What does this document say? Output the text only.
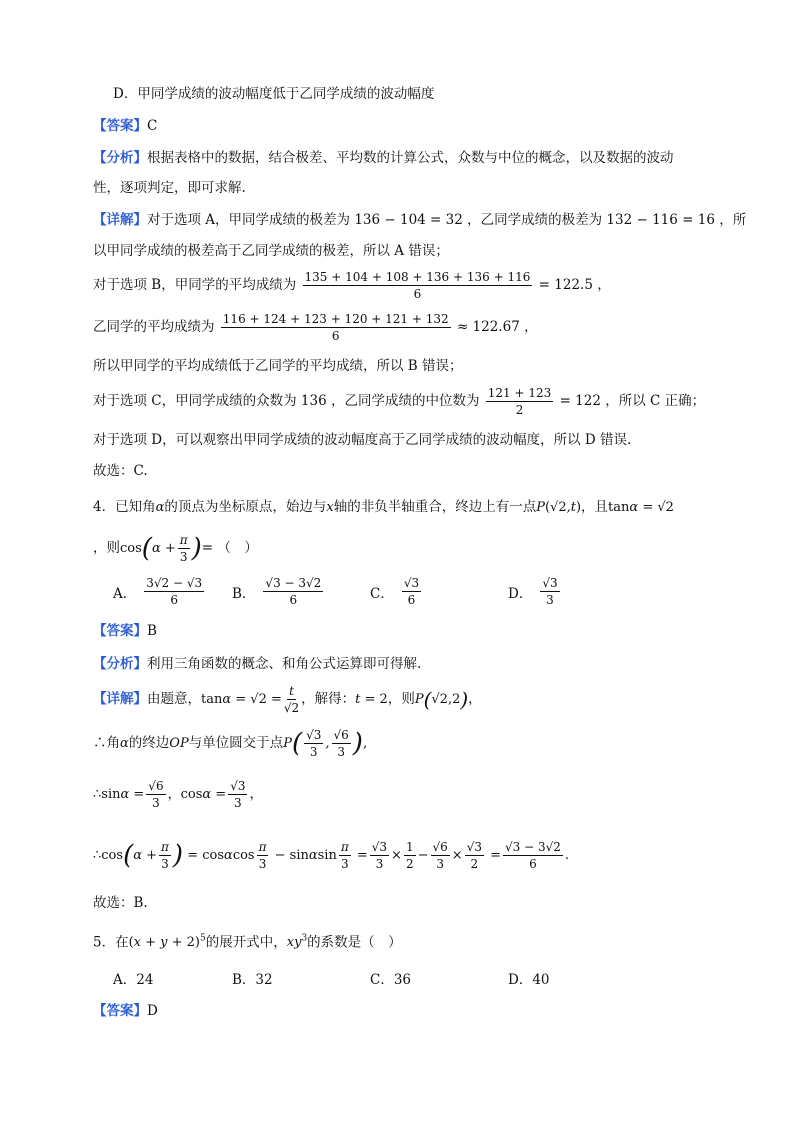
D．甲同学成绩的波动幅度低于乙同学成绩的波动幅度
【 答案 】 C
【 分析 】 根据表格中的数据，结合极差、平均数的计算公式，众数与中位的概念，以及数据的波动
性，逐项判定，即可求解.
【 详解 】 对于选项 A，甲同学成绩的极差为 136 − 104 = 32 ，乙同学成绩的极差为 132 − 116 = 16 ，所
以甲同学成绩的极差高于乙同学成绩的极差，所以 A 错误；
对于选项 B，甲同学的平均成绩为 $\frac{135 + 104 + 108 + 136 + 136 + 116}{6} = 122.5$ ，
乙同学的平均成绩为 $\frac{116 + 124 + 123 + 120 + 121 + 132}{6} \approx 122.67$ ，
所以甲同学的平均成绩低于乙同学的平均成绩，所以 B 错误；
对于选项 C，甲同学成绩的众数为 136 ，乙同学成绩的中位数为 $\frac{121 + 123}{2} = 122$ ，所以 C 正确；
对于选项 D，可以观察出甲同学成绩的波动幅度高于乙同学成绩的波动幅度，所以 D 错误.
故选：C.
4．已知角α的顶点为坐标原点，始边与x轴的非负半轴重合，终边上有一点P(√2,t)，且tanα = √2
，则$\cos(\alpha + \frac{\pi}{3}$ )= （　）
A． $\frac{3√2 - √3}{6}$ B． $\frac{√3 - 3√2}{6}$	C． $\frac{√3}{6}$	D． $\frac{√3}{3}$
【 答案 】 B
【 分析 】 利用三角函数的概念、和角公式运算即可得解.
【 详解 】 由题意，$\tan\alpha = √2 = \frac{t}{√2}$ ，解得：t = 2，则P(√2,2)，
∴角α的终边OP与单位圆交于点$P( \frac{√3}{3}$ , $\frac{√6}{3}$ ),
∴sinα = $\frac{√6}{3}$ ，$\cos\alpha = \frac{√3}{3}$ ，
∴cos(α + $\frac{\pi}{3}$ ) = cosαcos $\frac{\pi}{3} - \sin\alpha\sin \frac{\pi}{3} = \frac{√3}{3} \times \frac{1}{2} - \frac{√6}{3} \times \frac{√3}{2} = \frac{√3 - 3√2}{6}$ .
故选：B.
5．在$(x + y + 2)^5$的展开式中，$xy^3$的系数是（　）
A．24	B．32	C．36	D．40
【 答案 】 D
